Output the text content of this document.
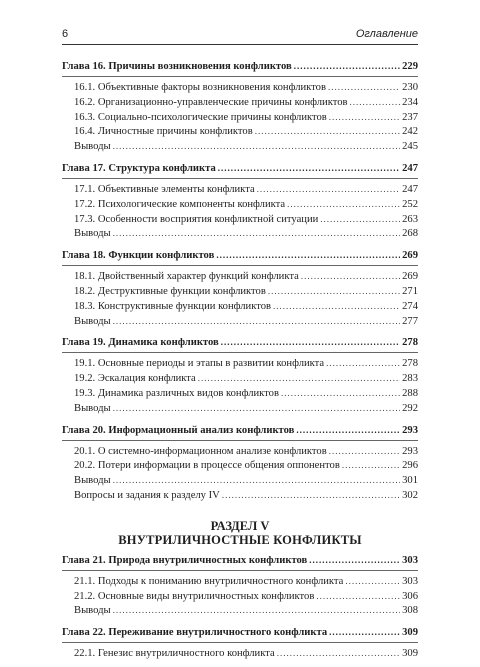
6	Оглавление
Глава 16. Причины возникновения конфликтов .....	229
16.1. Объективные факторы возникновения конфликтов .....	230
16.2. Организационно-управленческие причины конфликтов .....	234
16.3. Социально-психологические причины конфликтов .....	237
16.4. Личностные причины конфликтов .....	242
Выводы .....	245
Глава 17. Структура конфликта .....	247
17.1. Объективные элементы конфликта .....	247
17.2. Психологические компоненты конфликта .....	252
17.3. Особенности восприятия конфликтной ситуации .....	263
Выводы .....	268
Глава 18. Функции конфликтов .....	269
18.1. Двойственный характер функций конфликта .....	269
18.2. Деструктивные функции конфликтов .....	271
18.3. Конструктивные функции конфликтов .....	274
Выводы .....	277
Глава 19. Динамика конфликтов .....	278
19.1. Основные периоды и этапы в развитии конфликта .....	278
19.2. Эскалация конфликта .....	283
19.3. Динамика различных видов конфликтов .....	288
Выводы .....	292
Глава 20. Информационный анализ конфликтов .....	293
20.1. О системно-информационном анализе конфликтов .....	293
20.2. Потери информации в процессе общения оппонентов .....	296
Выводы .....	301
Вопросы и задания к разделу IV .....	302
РАЗДЕЛ V
ВНУТРИЛИЧНОСТНЫЕ КОНФЛИКТЫ
Глава 21. Природа внутриличностных конфликтов .....	303
21.1. Подходы к пониманию внутриличностного конфликта .....	303
21.2. Основные виды внутриличностных конфликтов .....	306
Выводы .....	308
Глава 22. Переживание внутриличностного конфликта .....	309
22.1. Генезис внутриличностного конфликта .....	309
